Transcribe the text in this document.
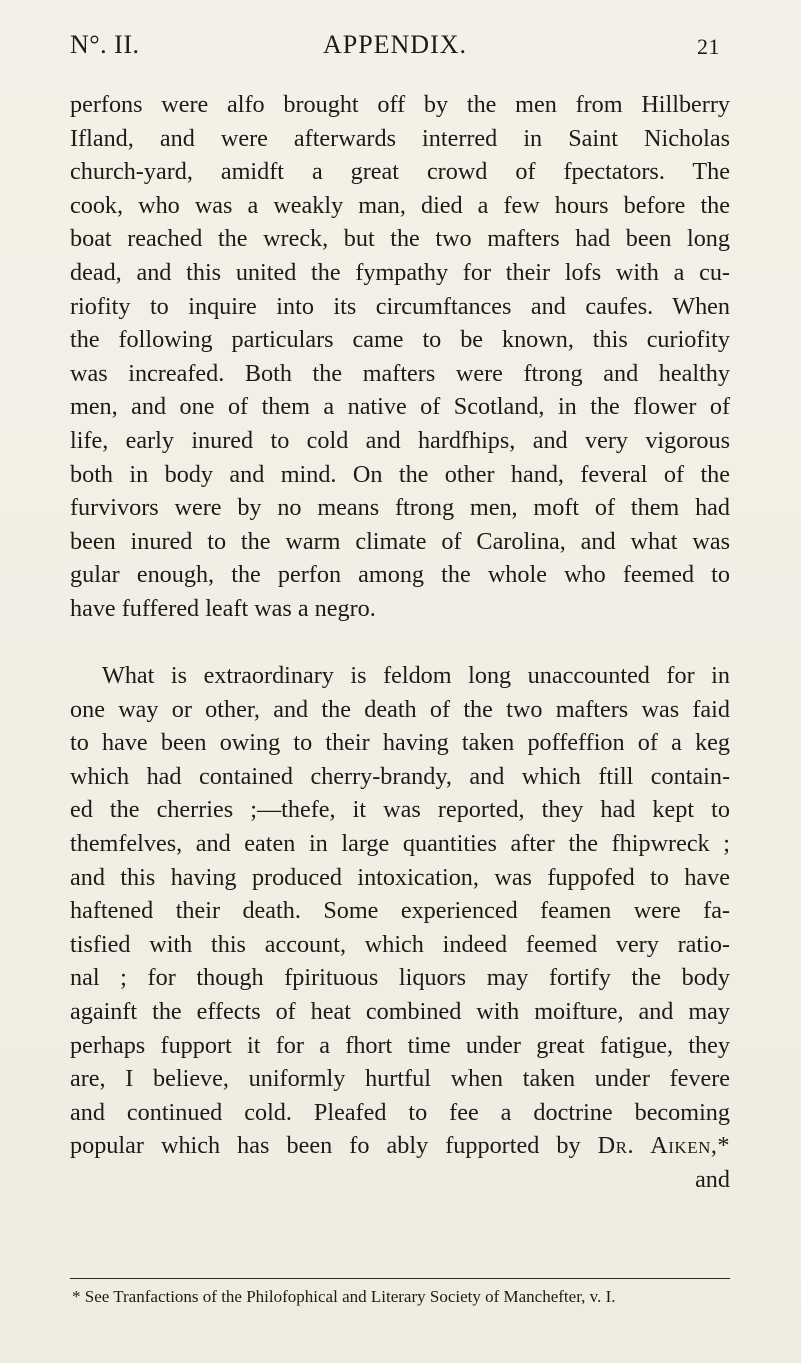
N°. II.	APPENDIX.	21
perfons were alfo brought off by the men from Hillberry
Ifland, and were afterwards interred in Saint Nicholas
church-yard, amidft a great crowd of fpectators. The
cook, who was a weakly man, died a few hours before the
boat reached the wreck, but the two mafters had been long
dead, and this united the fympathy for their lofs with a cu-
riofity to inquire into its circumftances and caufes. When
the following particulars came to be known, this curiofity
was increafed. Both the mafters were ftrong and healthy
men, and one of them a native of Scotland, in the flower of
life, early inured to cold and hardfhips, and very vigorous
both in body and mind. On the other hand, feveral of the
furvivors were by no means ftrong men, moft of them had
been inured to the warm climate of Carolina, and what was
gular enough, the perfon among the whole who feemed to
have fuffered leaft was a negro.
What is extraordinary is feldom long unaccounted for in
one way or other, and the death of the two mafters was faid
to have been owing to their having taken poffeffion of a keg
which had contained cherry-brandy, and which ftill contain-
ed the cherries ;—thefe, it was reported, they had kept to
themfelves, and eaten in large quantities after the fhipwreck ;
and this having produced intoxication, was fuppofed to have
haftened their death. Some experienced feamen were fa-
tisfied with this account, which indeed feemed very ratio-
nal ; for though fpirituous liquors may fortify the body
againft the effects of heat combined with moifture, and may
perhaps fupport it for a fhort time under great fatigue, they
are, I believe, uniformly hurtful when taken under fevere
and continued cold. Pleafed to fee a doctrine becoming
popular which has been fo ably fupported by Dr. Aiken,*
and
* See Tranfactions of the Philofophical and Literary Society of Manchefter, v. I.
